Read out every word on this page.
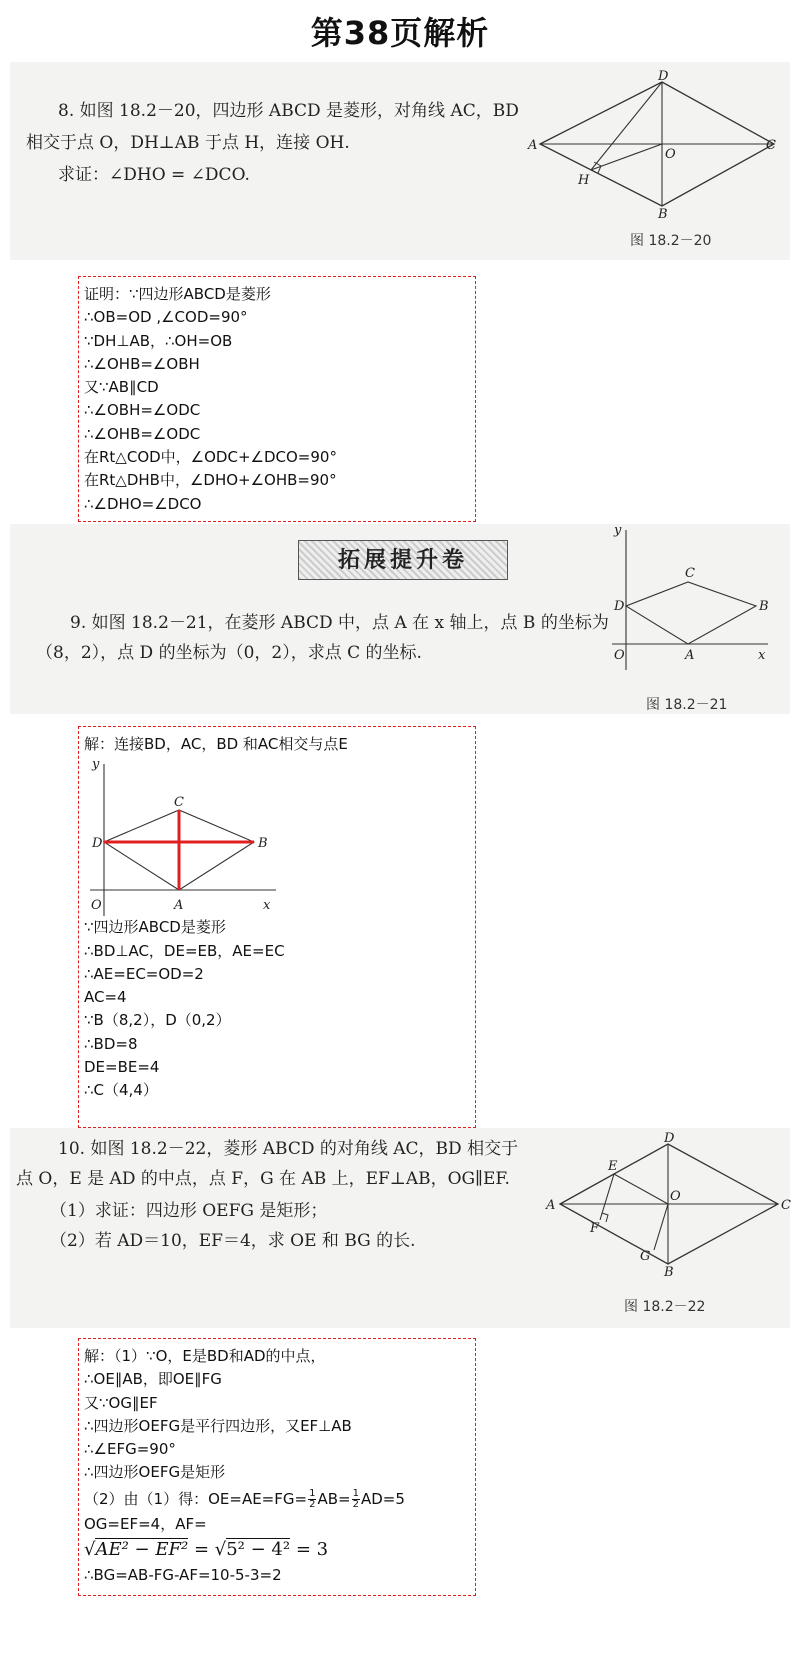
第38页解析
8. 如图 18.2－20，四边形 ABCD 是菱形，对角线 AC，BD
相交于点 O，DH⊥AB 于点 H，连接 OH.
求证：∠DHO = ∠DCO.
D
A	C
O
H
B
图 18.2－20
证明：∵四边形ABCD是菱形
∴OB=OD ,∠COD=90°
∵DH⊥AB，∴OH=OB
∴∠OHB=∠OBH
又∵AB∥CD
∴∠OBH=∠ODC
∴∠OHB=∠ODC
在Rt△COD中，∠ODC+∠DCO=90°
在Rt△DHB中，∠DHO+∠OHB=90°
∴∠DHO=∠DCO
拓展提升卷
9. 如图 18.2－21，在菱形 ABCD 中，点 A 在 x 轴上，点 B 的坐标为
（8，2），点 D 的坐标为（0，2），求点 C 的坐标.
y
x
O	A
B
C
D
图 18.2－21
解：连接BD，AC，BD 和AC相交与点E
y
x
O	A
B
C
D
∵四边形ABCD是菱形
∴BD⊥AC，DE=EB，AE=EC
∴AE=EC=OD=2
AC=4
∵B（8,2），D（0,2）
∴BD=8
DE=BE=4
∴C（4,4）
10. 如图 18.2－22，菱形 ABCD 的对角线 AC，BD 相交于
点 O，E 是 AD 的中点，点 F，G 在 AB 上，EF⊥AB，OG∥EF.
（1）求证：四边形 OEFG 是矩形；
（2）若 AD＝10，EF＝4，求 OE 和 BG 的长.
D
A	C
O
E
F
G
B
图 18.2－22
解：（1）∵O，E是BD和AD的中点，
∴OE∥AB，即OE∥FG
又∵OG∥EF
∴四边形OEFG是平行四边形，又EF⊥AB
∴∠EFG=90°
∴四边形OEFG是矩形
（2）由（1）得：$OE=AE=FG= \frac{1}{2} AB= \frac{1}{2} AD=5$
OG=EF=4，AF=
√AE² − EF² = √5² − 4² = 3
∴BG=AB-FG-AF=10-5-3=2
